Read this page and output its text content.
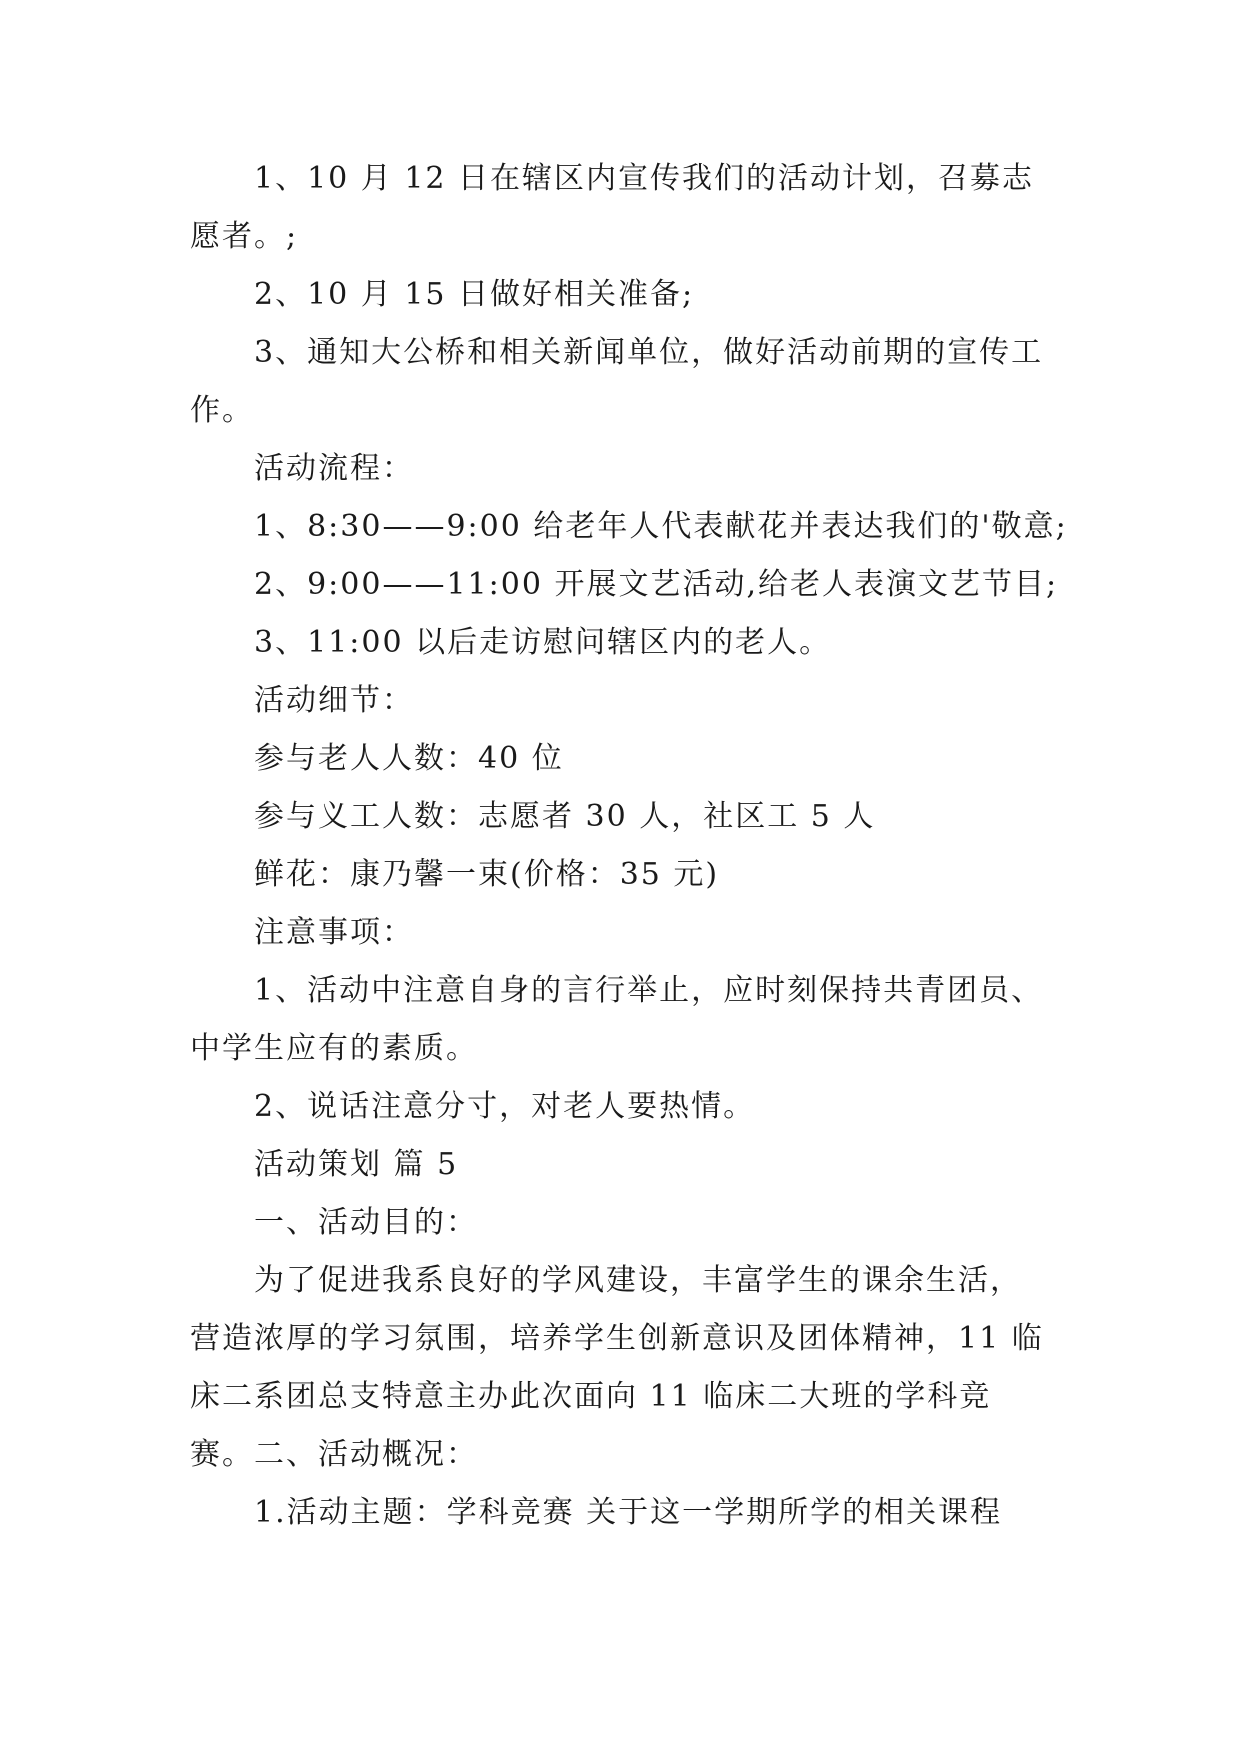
1、10 月 12 日在辖区内宣传我们的活动计划，召募志愿者。;

2、10 月 15 日做好相关准备;

3、通知大公桥和相关新闻单位，做好活动前期的宣传工作。

活动流程：

1、8:30——9:00 给老年人代表献花并表达我们的'敬意;

2、9:00——11:00 开展文艺活动,给老人表演文艺节目;

3、11:00 以后走访慰问辖区内的老人。

活动细节：

参与老人人数：40 位

参与义工人数：志愿者 30 人，社区工 5 人

鲜花：康乃馨一束(价格：35 元)

注意事项：

1、活动中注意自身的言行举止，应时刻保持共青团员、中学生应有的素质。

2、说话注意分寸，对老人要热情。

活动策划 篇 5

一、活动目的：

为了促进我系良好的学风建设，丰富学生的课余生活，营造浓厚的学习氛围，培养学生创新意识及团体精神，11 临床二系团总支特意主办此次面向 11 临床二大班的学科竞赛。 二、活动概况：

1.活动主题：学科竞赛 关于这一学期所学的相关课程
